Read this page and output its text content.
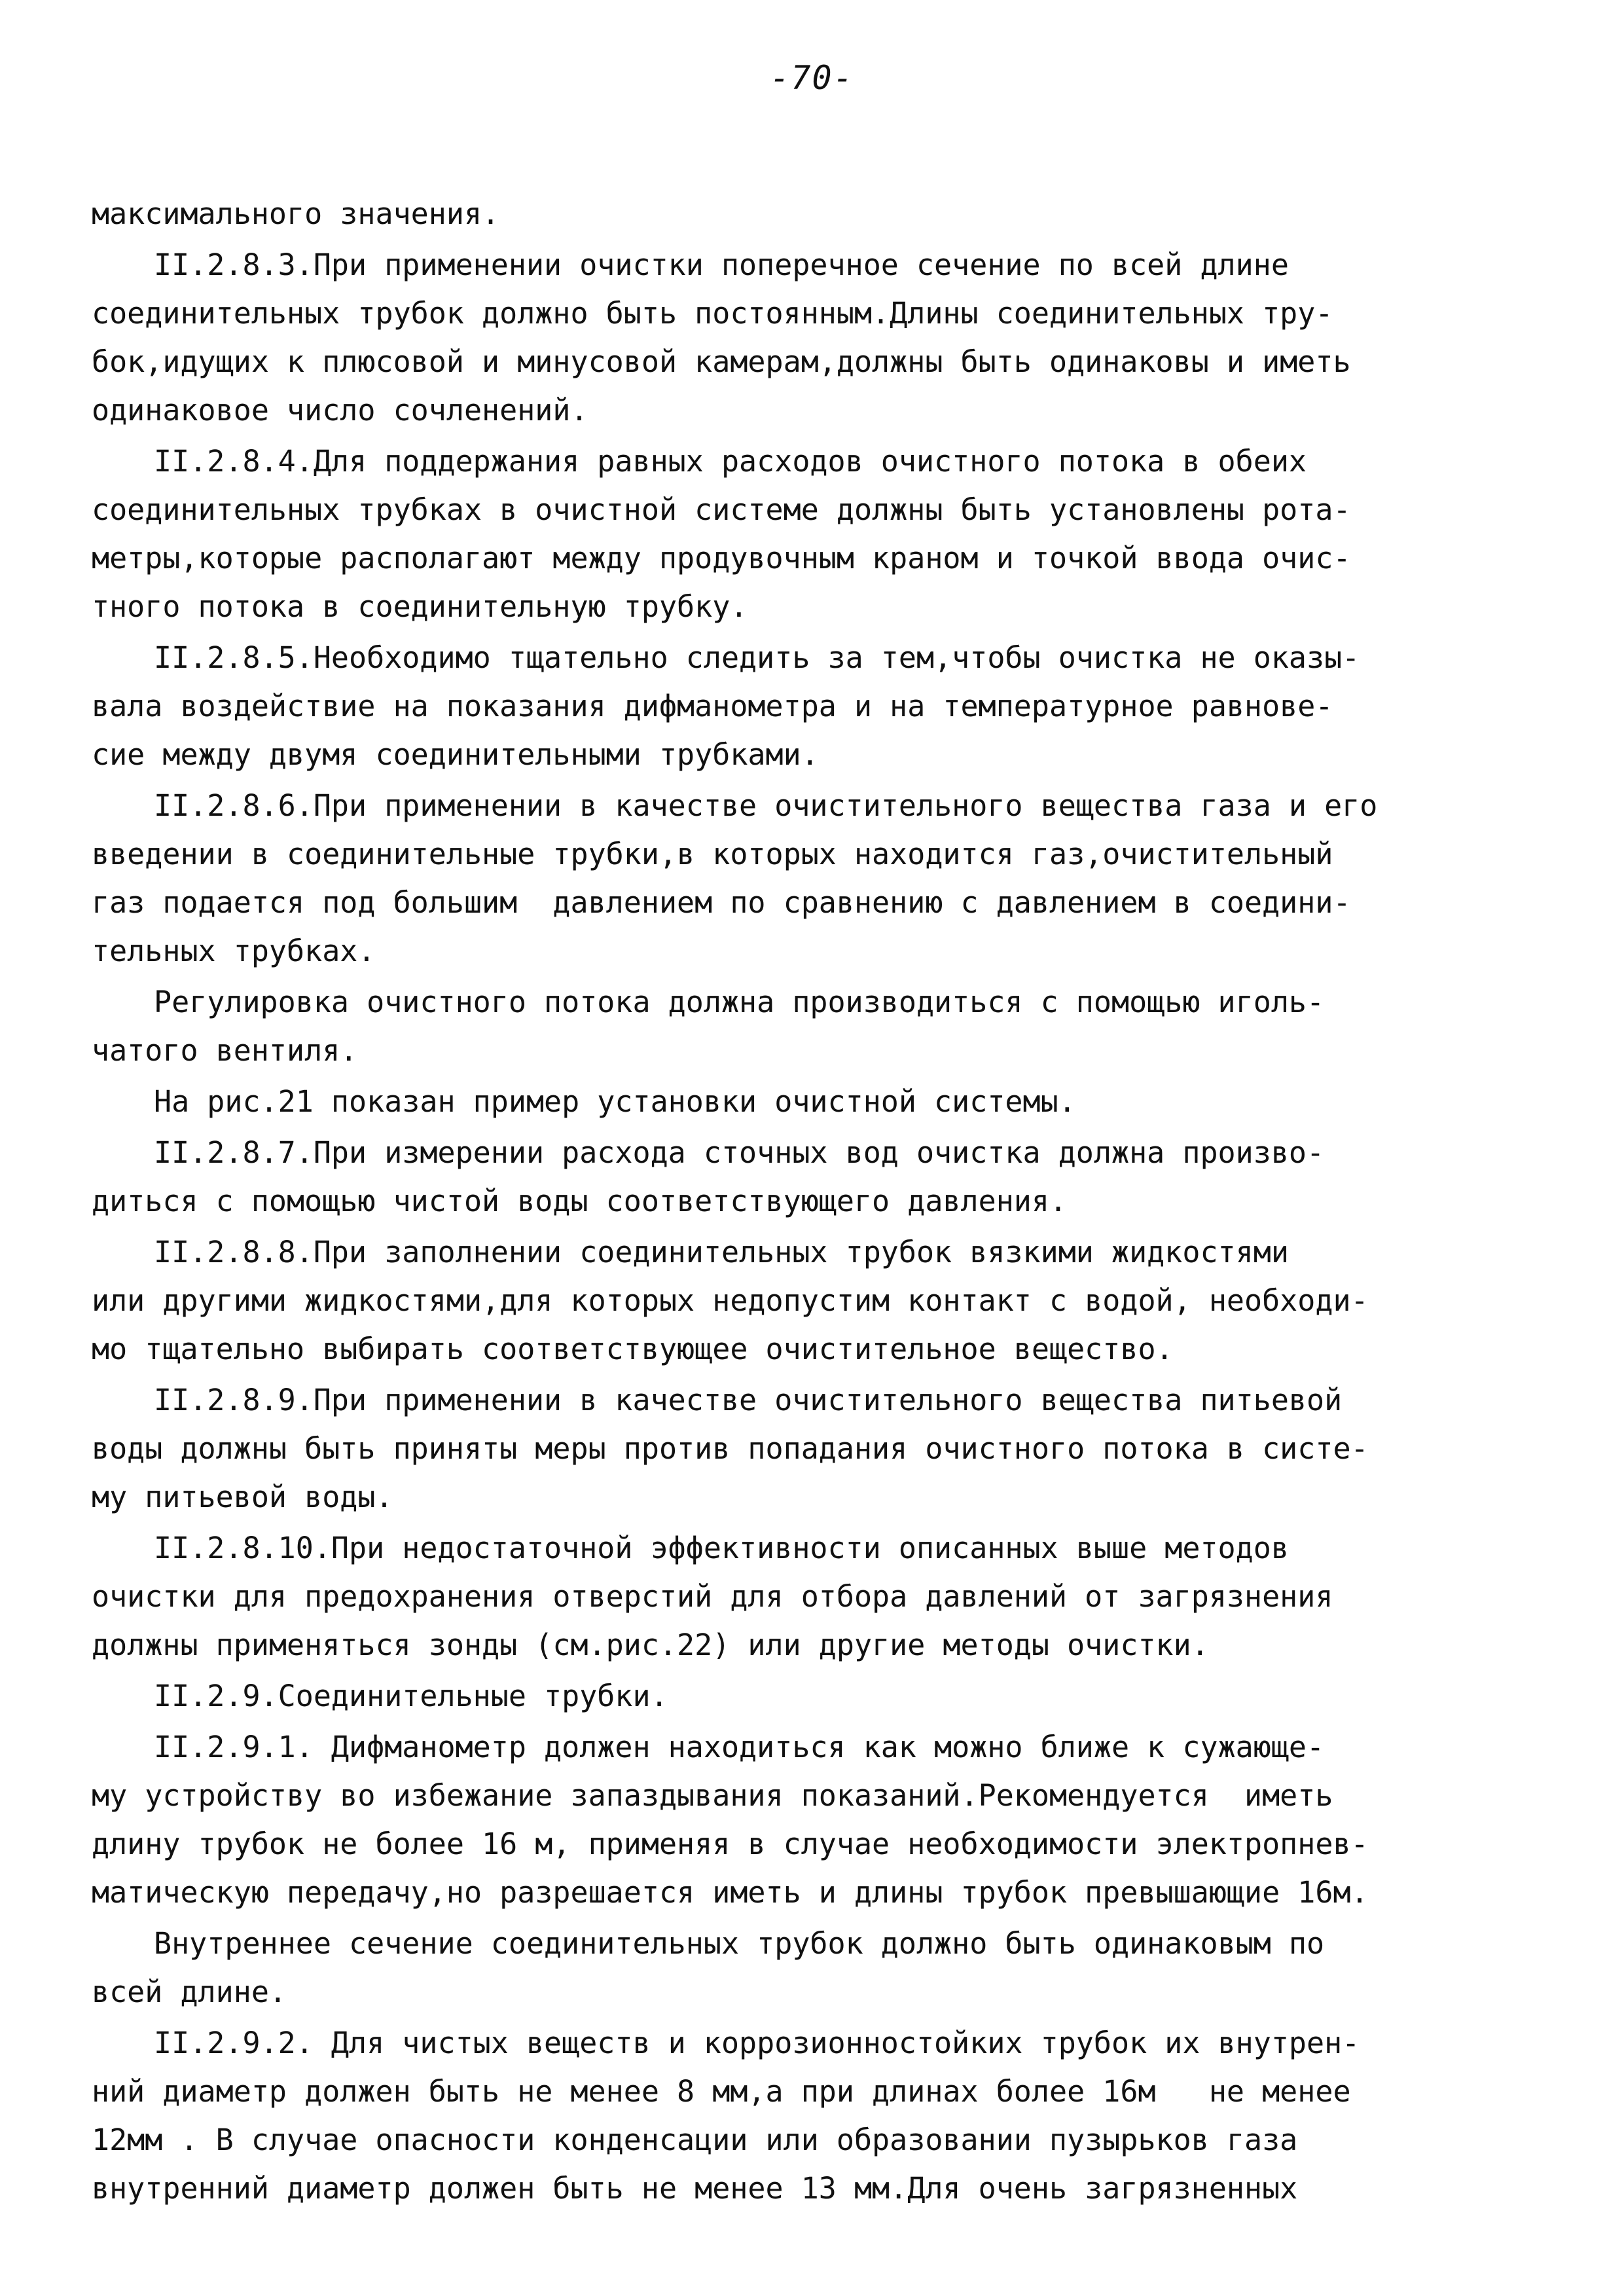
-70-
максимального значения.
II.2.8.3.При применении очистки поперечное сечение по всей длине
соединительных трубок должно быть постоянным.Длины соединительных тру-
бок,идущих к плюсовой и минусовой камерам,должны быть одинаковы и иметь
одинаковое число сочленений.
II.2.8.4.Для поддержания равных расходов очистного потока в обеих
соединительных трубках в очистной системе должны быть установлены рота-
метры,которые располагают между продувочным краном и точкой ввода очис-
тного потока в соединительную трубку.
II.2.8.5.Необходимо тщательно следить за тем,чтобы очистка не оказы-
вала воздействие на показания дифманометра и на температурное равнове-
сие между двумя соединительными трубками.
II.2.8.6.При применении в качестве очистительного вещества газа и его
введении в соединительные трубки,в которых находится газ,очистительный
газ подается под большим  давлением по сравнению с давлением в соедини-
тельных трубках.
Регулировка очистного потока должна производиться с помощью иголь-
чатого вентиля.
На рис.21 показан пример установки очистной системы.
II.2.8.7.При измерении расхода сточных вод очистка должна произво-
диться с помощью чистой воды соответствующего давления.
II.2.8.8.При заполнении соединительных трубок вязкими жидкостями
или другими жидкостями,для которых недопустим контакт с водой, необходи-
мо тщательно выбирать соответствующее очистительное вещество.
II.2.8.9.При применении в качестве очистительного вещества питьевой
воды должны быть приняты меры против попадания очистного потока в систе-
му питьевой воды.
II.2.8.10.При недостаточной эффективности описанных выше методов
очистки для предохранения отверстий для отбора давлений от загрязнения
должны применяться зонды (см.рис.22) или другие методы очистки.
II.2.9.Соединительные трубки.
II.2.9.1. Дифманометр должен находиться как можно ближе к сужающе-
му устройству во избежание запаздывания показаний.Рекомендуется  иметь
длину трубок не более 16 м, применяя в случае необходимости электропнев-
матическую передачу,но разрешается иметь и длины трубок превышающие 16м.
Внутреннее сечение соединительных трубок должно быть одинаковым по
всей длине.
II.2.9.2. Для чистых веществ и коррозионностойких трубок их внутрен-
ний диаметр должен быть не менее 8 мм,а при длинах более 16м   не менее
12мм . В случае опасности конденсации или образовании пузырьков газа
внутренний диаметр должен быть не менее 13 мм.Для очень загрязненных
